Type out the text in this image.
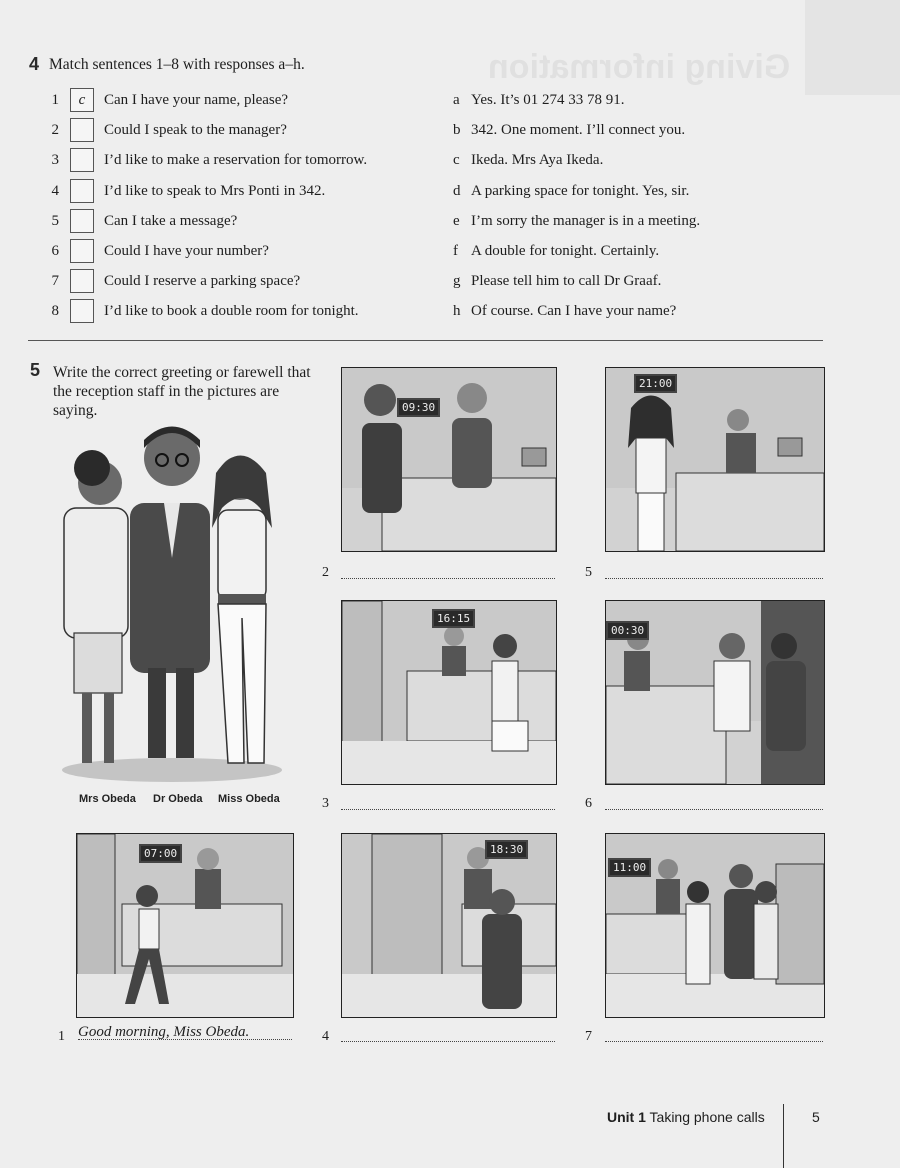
Giving information
4 Match sentences 1–8 with responses a–h.
1	c	Can I have your name, please?
2	Could I speak to the manager?
3	I’d like to make a reservation for tomorrow.
4	I’d like to speak to Mrs Ponti in 342.
5	Can I take a message?
6	Could I have your number?
7	Could I reserve a parking space?
8	I’d like to book a double room for tonight.
a Yes. It’s 01 274 33 78 91.
b 342. One moment. I’ll connect you.
c Ikeda. Mrs Aya Ikeda.
d A parking space for tonight. Yes, sir.
e I’m sorry the manager is in a meeting.
f A double for tonight. Certainly.
g Please tell him to call Dr Graaf.
h Of course. Can I have your name?
5 Write the correct greeting or farewell that the reception staff in the pictures are saying.
Mrs Obeda Dr Obeda Miss Obeda
09:30
2
21:00
5
16:15
3
00:30
6
07:00
1 Good morning, Miss Obeda.
18:30
4
11:00
7
Unit 1 Taking phone calls	5
